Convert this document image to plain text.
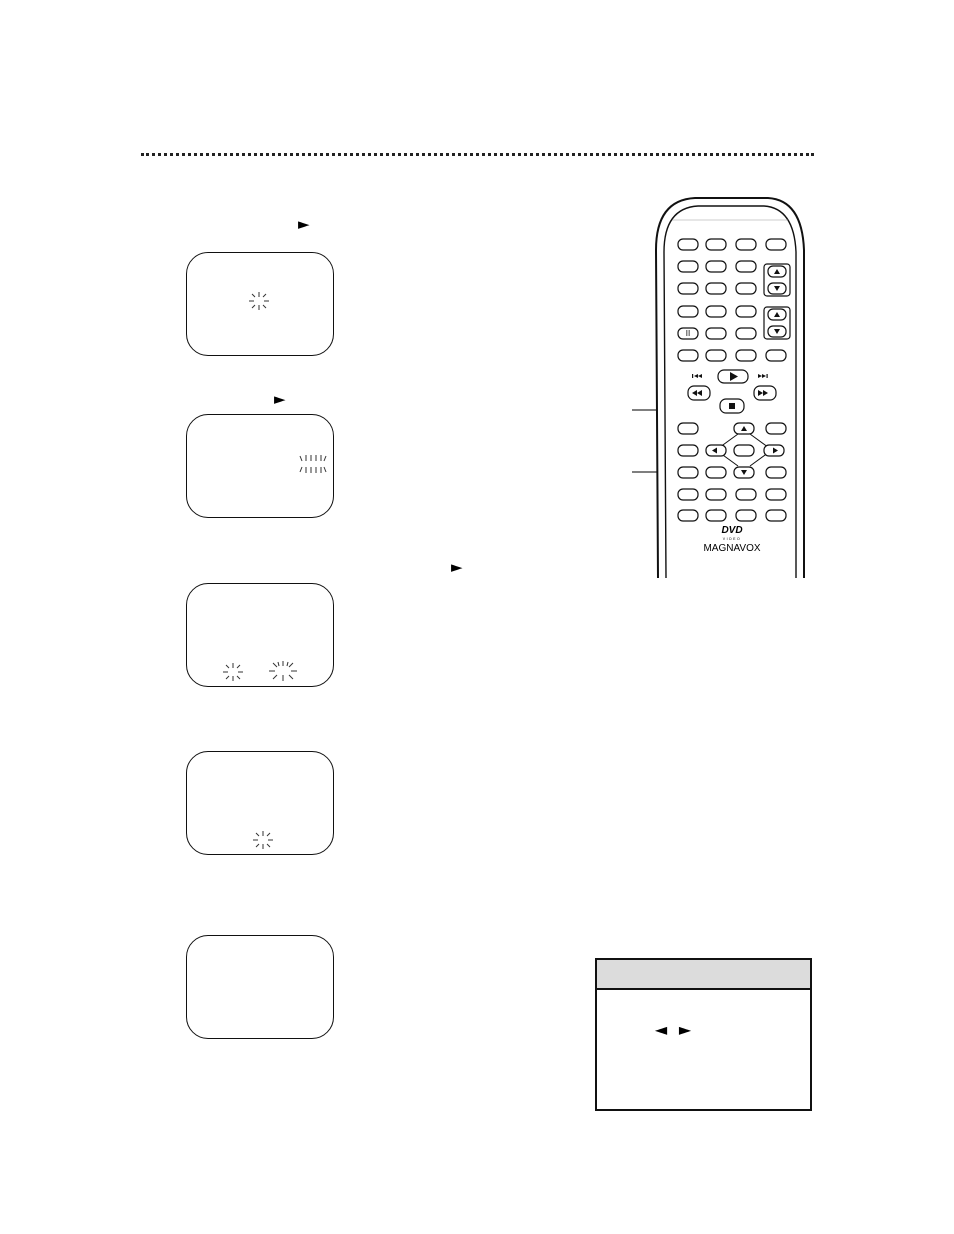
►
►
►
◄ ►
II
DVD
VIDEO
MAGNAVOX
